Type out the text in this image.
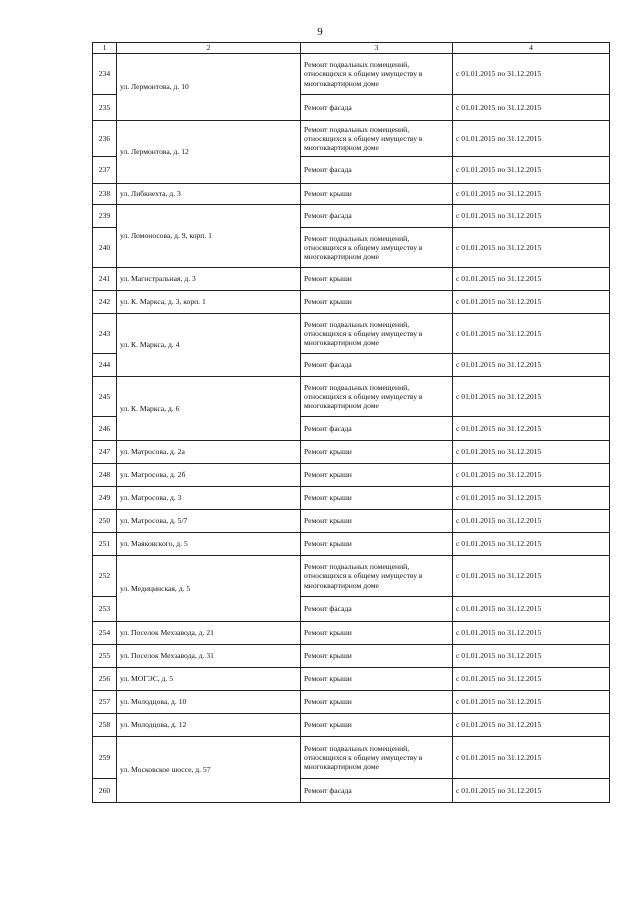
9
1	2	3	4
234	ул. Лермонтова, д. 10	Ремонт подвальных помещений, относящихся к общему имуществу в многоквартирном доме	с 01.01.2015 по 31.12.2015
235		Ремонт фасада	с 01.01.2015 по 31.12.2015
236	ул. Лермонтова, д. 12	Ремонт подвальных помещений, относящихся к общему имуществу в многоквартирном доме	с 01.01.2015 по 31.12.2015
237		Ремонт фасада	с 01.01.2015 по 31.12.2015
238	ул. Либкнехта, д. 3	Ремонт крыши	с 01.01.2015 по 31.12.2015
239	ул. Ломоносова, д. 9, корп. 1	Ремонт фасада	с 01.01.2015 по 31.12.2015
240		Ремонт подвальных помещений, относящихся к общему имуществу в многоквартирном доме	с 01.01.2015 по 31.12.2015
241	ул. Магистральная, д. 3	Ремонт крыши	с 01.01.2015 по 31.12.2015
242	ул. К. Маркса, д. 3, корп. 1	Ремонт крыши	с 01.01.2015 по 31.12.2015
243	ул. К. Маркса, д. 4	Ремонт подвальных помещений, относящихся к общему имуществу в многоквартирном доме	с 01.01.2015 по 31.12.2015
244		Ремонт фасада	с 01.01.2015 по 31.12.2015
245	ул. К. Маркса, д. 6	Ремонт подвальных помещений, относящихся к общему имуществу в многоквартирном доме	с 01.01.2015 по 31.12.2015
246		Ремонт фасада	с 01.01.2015 по 31.12.2015
247	ул. Матросова, д. 2а	Ремонт крыши	с 01.01.2015 по 31.12.2015
248	ул. Матросова, д. 2б	Ремонт крыши	с 01.01.2015 по 31.12.2015
249	ул. Матросова, д. 3	Ремонт крыши	с 01.01.2015 по 31.12.2015
250	ул. Матросова, д. 5/7	Ремонт крыши	с 01.01.2015 по 31.12.2015
251	ул. Маяковского, д. 5	Ремонт крыши	с 01.01.2015 по 31.12.2015
252	ул. Медицинская, д. 5	Ремонт подвальных помещений, относящихся к общему имуществу в многоквартирном доме	с 01.01.2015 по 31.12.2015
253		Ремонт фасада	с 01.01.2015 по 31.12.2015
254	ул. Поселок Мехзавода, д. 21	Ремонт крыши	с 01.01.2015 по 31.12.2015
255	ул. Поселок Мехзавода, д. 31	Ремонт крыши	с 01.01.2015 по 31.12.2015
256	ул. МОГЭС, д. 5	Ремонт крыши	с 01.01.2015 по 31.12.2015
257	ул. Молодцова, д. 10	Ремонт крыши	с 01.01.2015 по 31.12.2015
258	ул. Молодцова, д. 12	Ремонт крыши	с 01.01.2015 по 31.12.2015
259	ул. Московское шоссе, д. 57	Ремонт подвальных помещений, относящихся к общему имуществу в многоквартирном доме	с 01.01.2015 по 31.12.2015
260		Ремонт фасада	с 01.01.2015 по 31.12.2015
